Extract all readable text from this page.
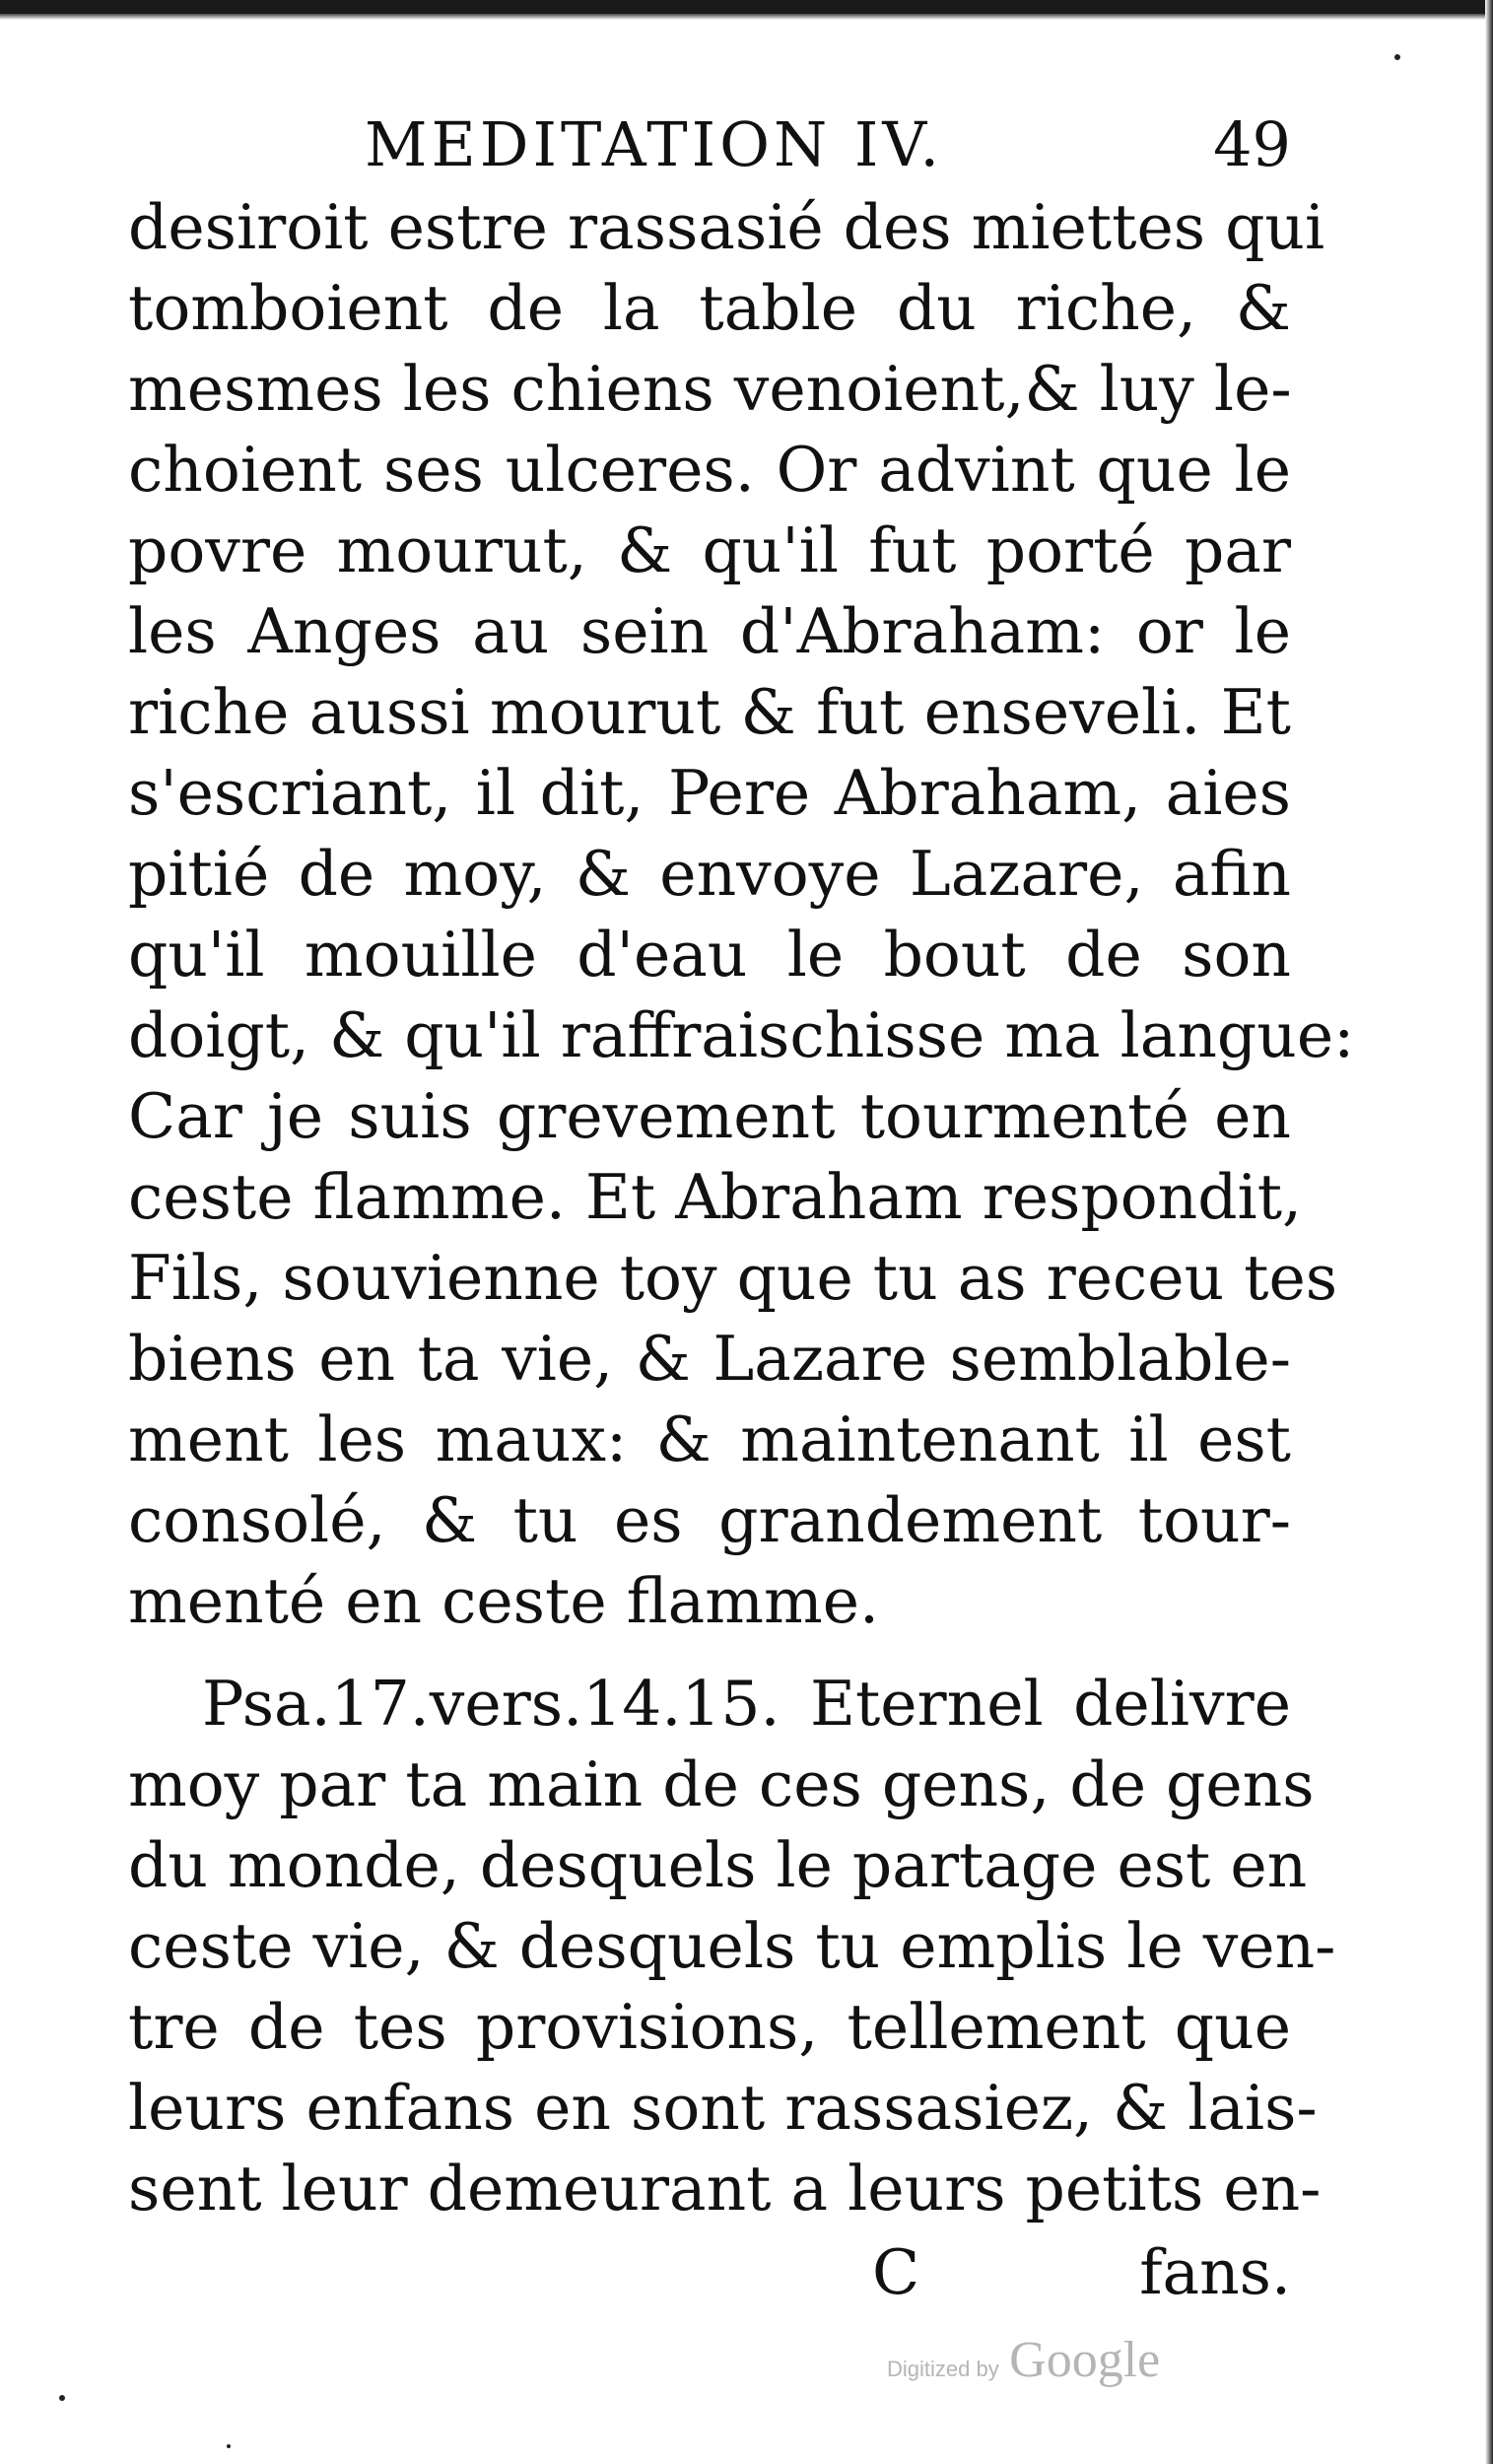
MEDITATION IV.	49
desiroit estre rassasié des miettes qui
tomboient de la table du riche, &
mesmes les chiens venoient,& luy le-
choient ses ulceres. Or advint que le
povre mourut, & qu'il fut porté par
les Anges au sein d'Abraham: or le
riche aussi mourut & fut enseveli. Et
s'escriant, il dit, Pere Abraham, aies
pitié de moy, & envoye Lazare, afin
qu'il mouille d'eau le bout de son
doigt, & qu'il raffraischisse ma langue:
Car je suis grevement tourmenté en
ceste flamme. Et Abraham respondit,
Fils, souvienne toy que tu as receu tes
biens en ta vie, & Lazare semblable-
ment les maux: & maintenant il est
consolé, & tu es grandement tour-
menté en ceste flamme.
Psa.17.vers.14.15. Eternel delivre
moy par ta main de ces gens, de gens
du monde, desquels le partage est en
ceste vie, & desquels tu emplis le ven-
tre de tes provisions, tellement que
leurs enfans en sont rassasiez, & lais-
sent leur demeurant a leurs petits en-
C	fans.
Digitized by Google
